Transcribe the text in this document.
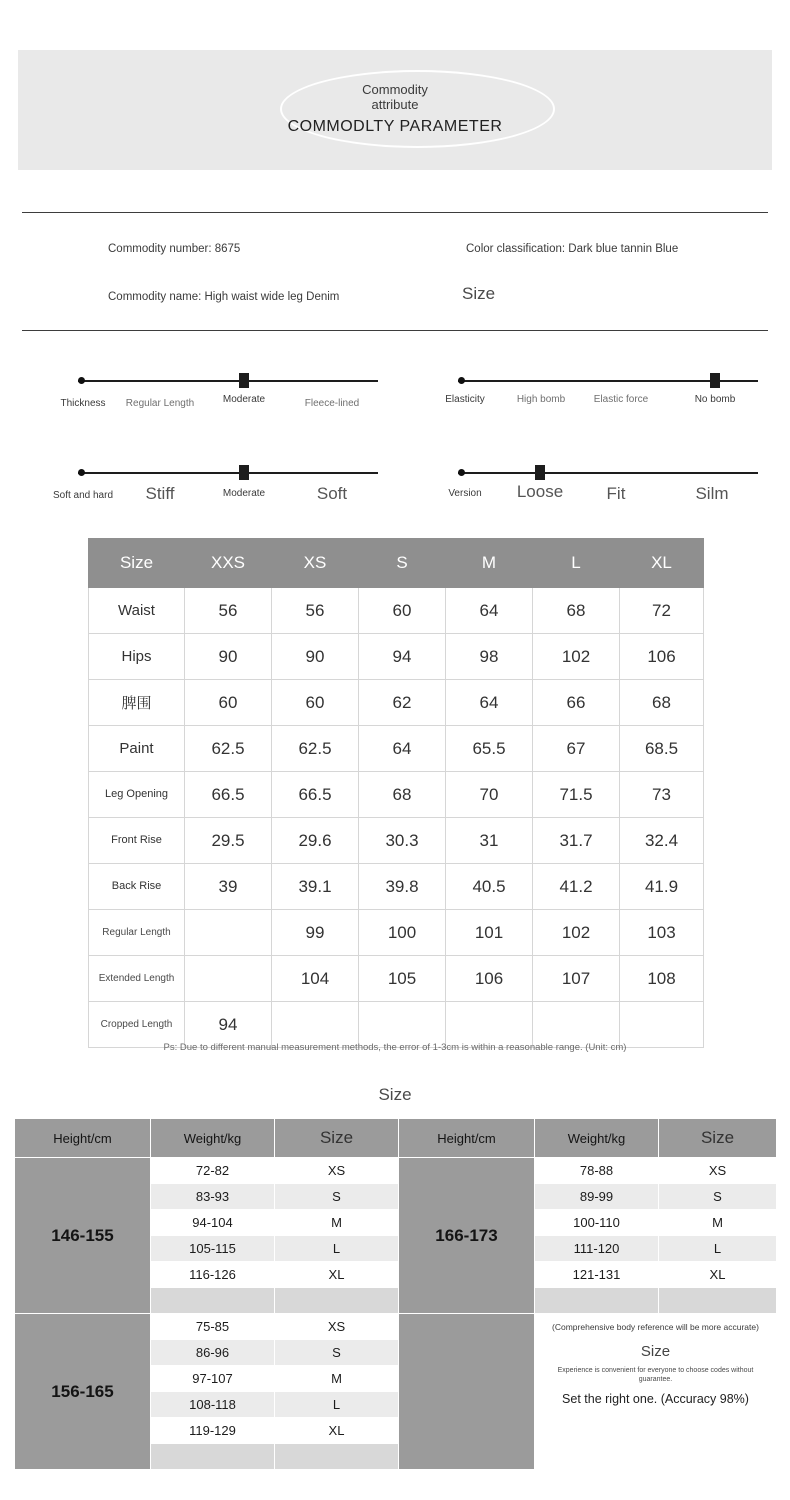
Commodity
attribute
COMMODLTY PARAMETER
Commodity number: 8675	Color classification: Dark blue tannin Blue
Commodity name: High waist wide leg Denim	Size
Thickness	Regular Length	Moderate	Fleece-lined	Elasticity	High bomb	Elastic force	No bomb
Soft and hard	Stiff	Moderate	Soft	Version	Loose	Fit	Silm
Size	XXS	XS	S	M	L	XL
Waist	56	56	60	64	68	72
Hips	90	90	94	98	102	106
脾围	60	60	62	64	66	68
Paint	62.5	62.5	64	65.5	67	68.5
Leg Opening	66.5	66.5	68	70	71.5	73
Front Rise	29.5	29.6	30.3	31	31.7	32.4
Back Rise	39	39.1	39.8	40.5	41.2	41.9
Regular Length		99	100	101	102	103
Extended Length		104	105	106	107	108
Cropped Length	94					
Ps: Due to different manual measurement methods, the error of 1-3cm is within a reasonable range. (Unit: cm)
Size
Height/cm	Weight/kg	Size	Height/cm	Weight/kg	Size
146-155	72-82	XS	166-173	78-88	XS
	83-93	S		89-99	S
	94-104	M		100-110	M
	105-115	L		111-120	L
	116-126	XL		121-131	XL

156-165	75-85	XS		(Comprehensive body reference will be more accurate)
Size
Experience is convenient for everyone to choose codes without guarantee.
Set the right one. (Accuracy 98%)	

	86-96	S			
	97-107	M			
	108-118	L			
	119-129	XL			
